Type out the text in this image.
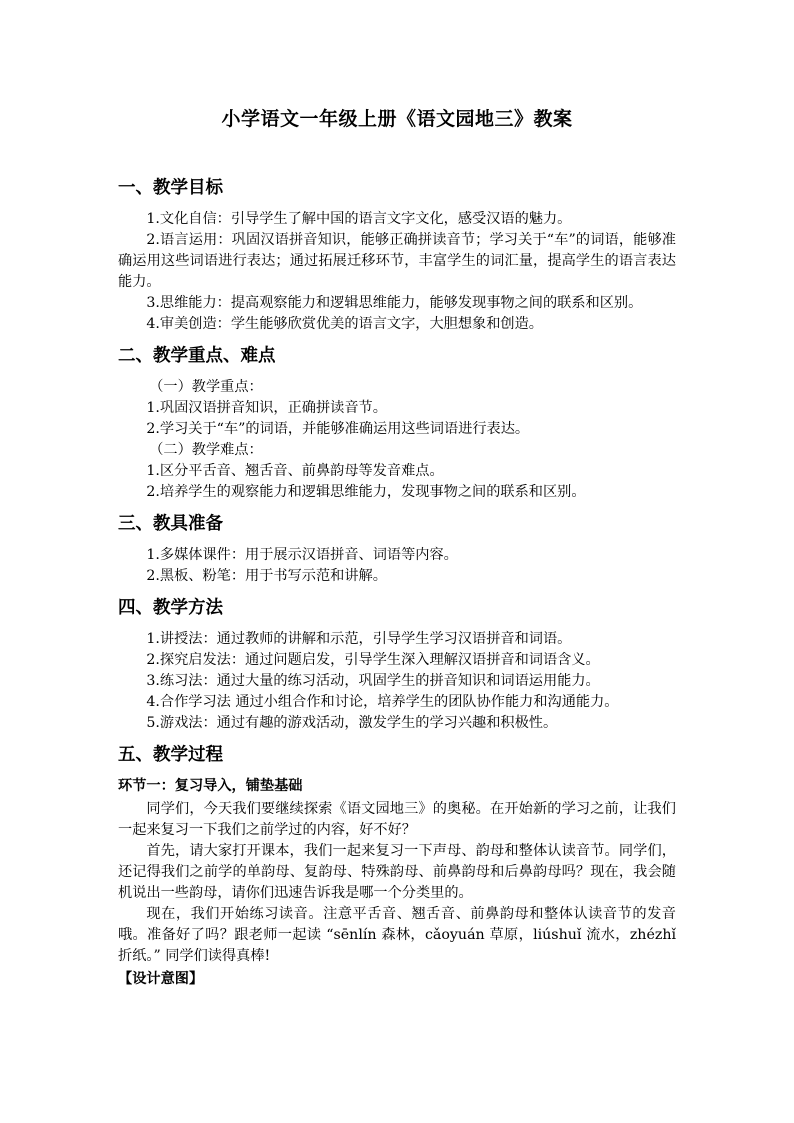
小学语文一年级上册《语文园地三》教案
一、教学目标

1.文化自信：引导学生了解中国的语言文字文化，感受汉语的魅力。

2.语言运用：巩固汉语拼音知识，能够正确拼读音节；学习关于“车”的词语，能够准确运用这些词语进行表达；通过拓展迁移环节，丰富学生的词汇量，提高学生的语言表达能力。

3.思维能力：提高观察能力和逻辑思维能力，能够发现事物之间的联系和区别。

4.审美创造：学生能够欣赏优美的语言文字，大胆想象和创造。

二、教学重点、难点

（一）教学重点：

1.巩固汉语拼音知识，正确拼读音节。

2.学习关于“车”的词语，并能够准确运用这些词语进行表达。

（二）教学难点：

1.区分平舌音、翘舌音、前鼻韵母等发音难点。

2.培养学生的观察能力和逻辑思维能力，发现事物之间的联系和区别。

三、教具准备

1.多媒体课件：用于展示汉语拼音、词语等内容。

2.黑板、粉笔：用于书写示范和讲解。

四、教学方法

1.讲授法：通过教师的讲解和示范，引导学生学习汉语拼音和词语。

2.探究启发法：通过问题启发，引导学生深入理解汉语拼音和词语含义。

3.练习法：通过大量的练习活动，巩固学生的拼音知识和词语运用能力。

4.合作学习法 通过小组合作和讨论，培养学生的团队协作能力和沟通能力。

5.游戏法：通过有趣的游戏活动，激发学生的学习兴趣和积极性。

五、教学过程
环节一：复习导入，铺垫基础

同学们，今天我们要继续探索《语文园地三》的奥秘。在开始新的学习之前，让我们一起来复习一下我们之前学过的内容，好不好？

首先，请大家打开课本，我们一起来复习一下声母、韵母和整体认读音节。同学们，还记得我们之前学的单韵母、复韵母、特殊韵母、前鼻韵母和后鼻韵母吗？现在，我会随机说出一些韵母，请你们迅速告诉我是哪一个分类里的。

现在，我们开始练习读音。注意平舌音、翘舌音、前鼻韵母和整体认读音节的发音哦。准备好了吗？跟老师一起读 “sēnlín 森林，cǎoyuán 草原，liúshuǐ 流水，zhézhǐ 折纸。” 同学们读得真棒!

【设计意图】
